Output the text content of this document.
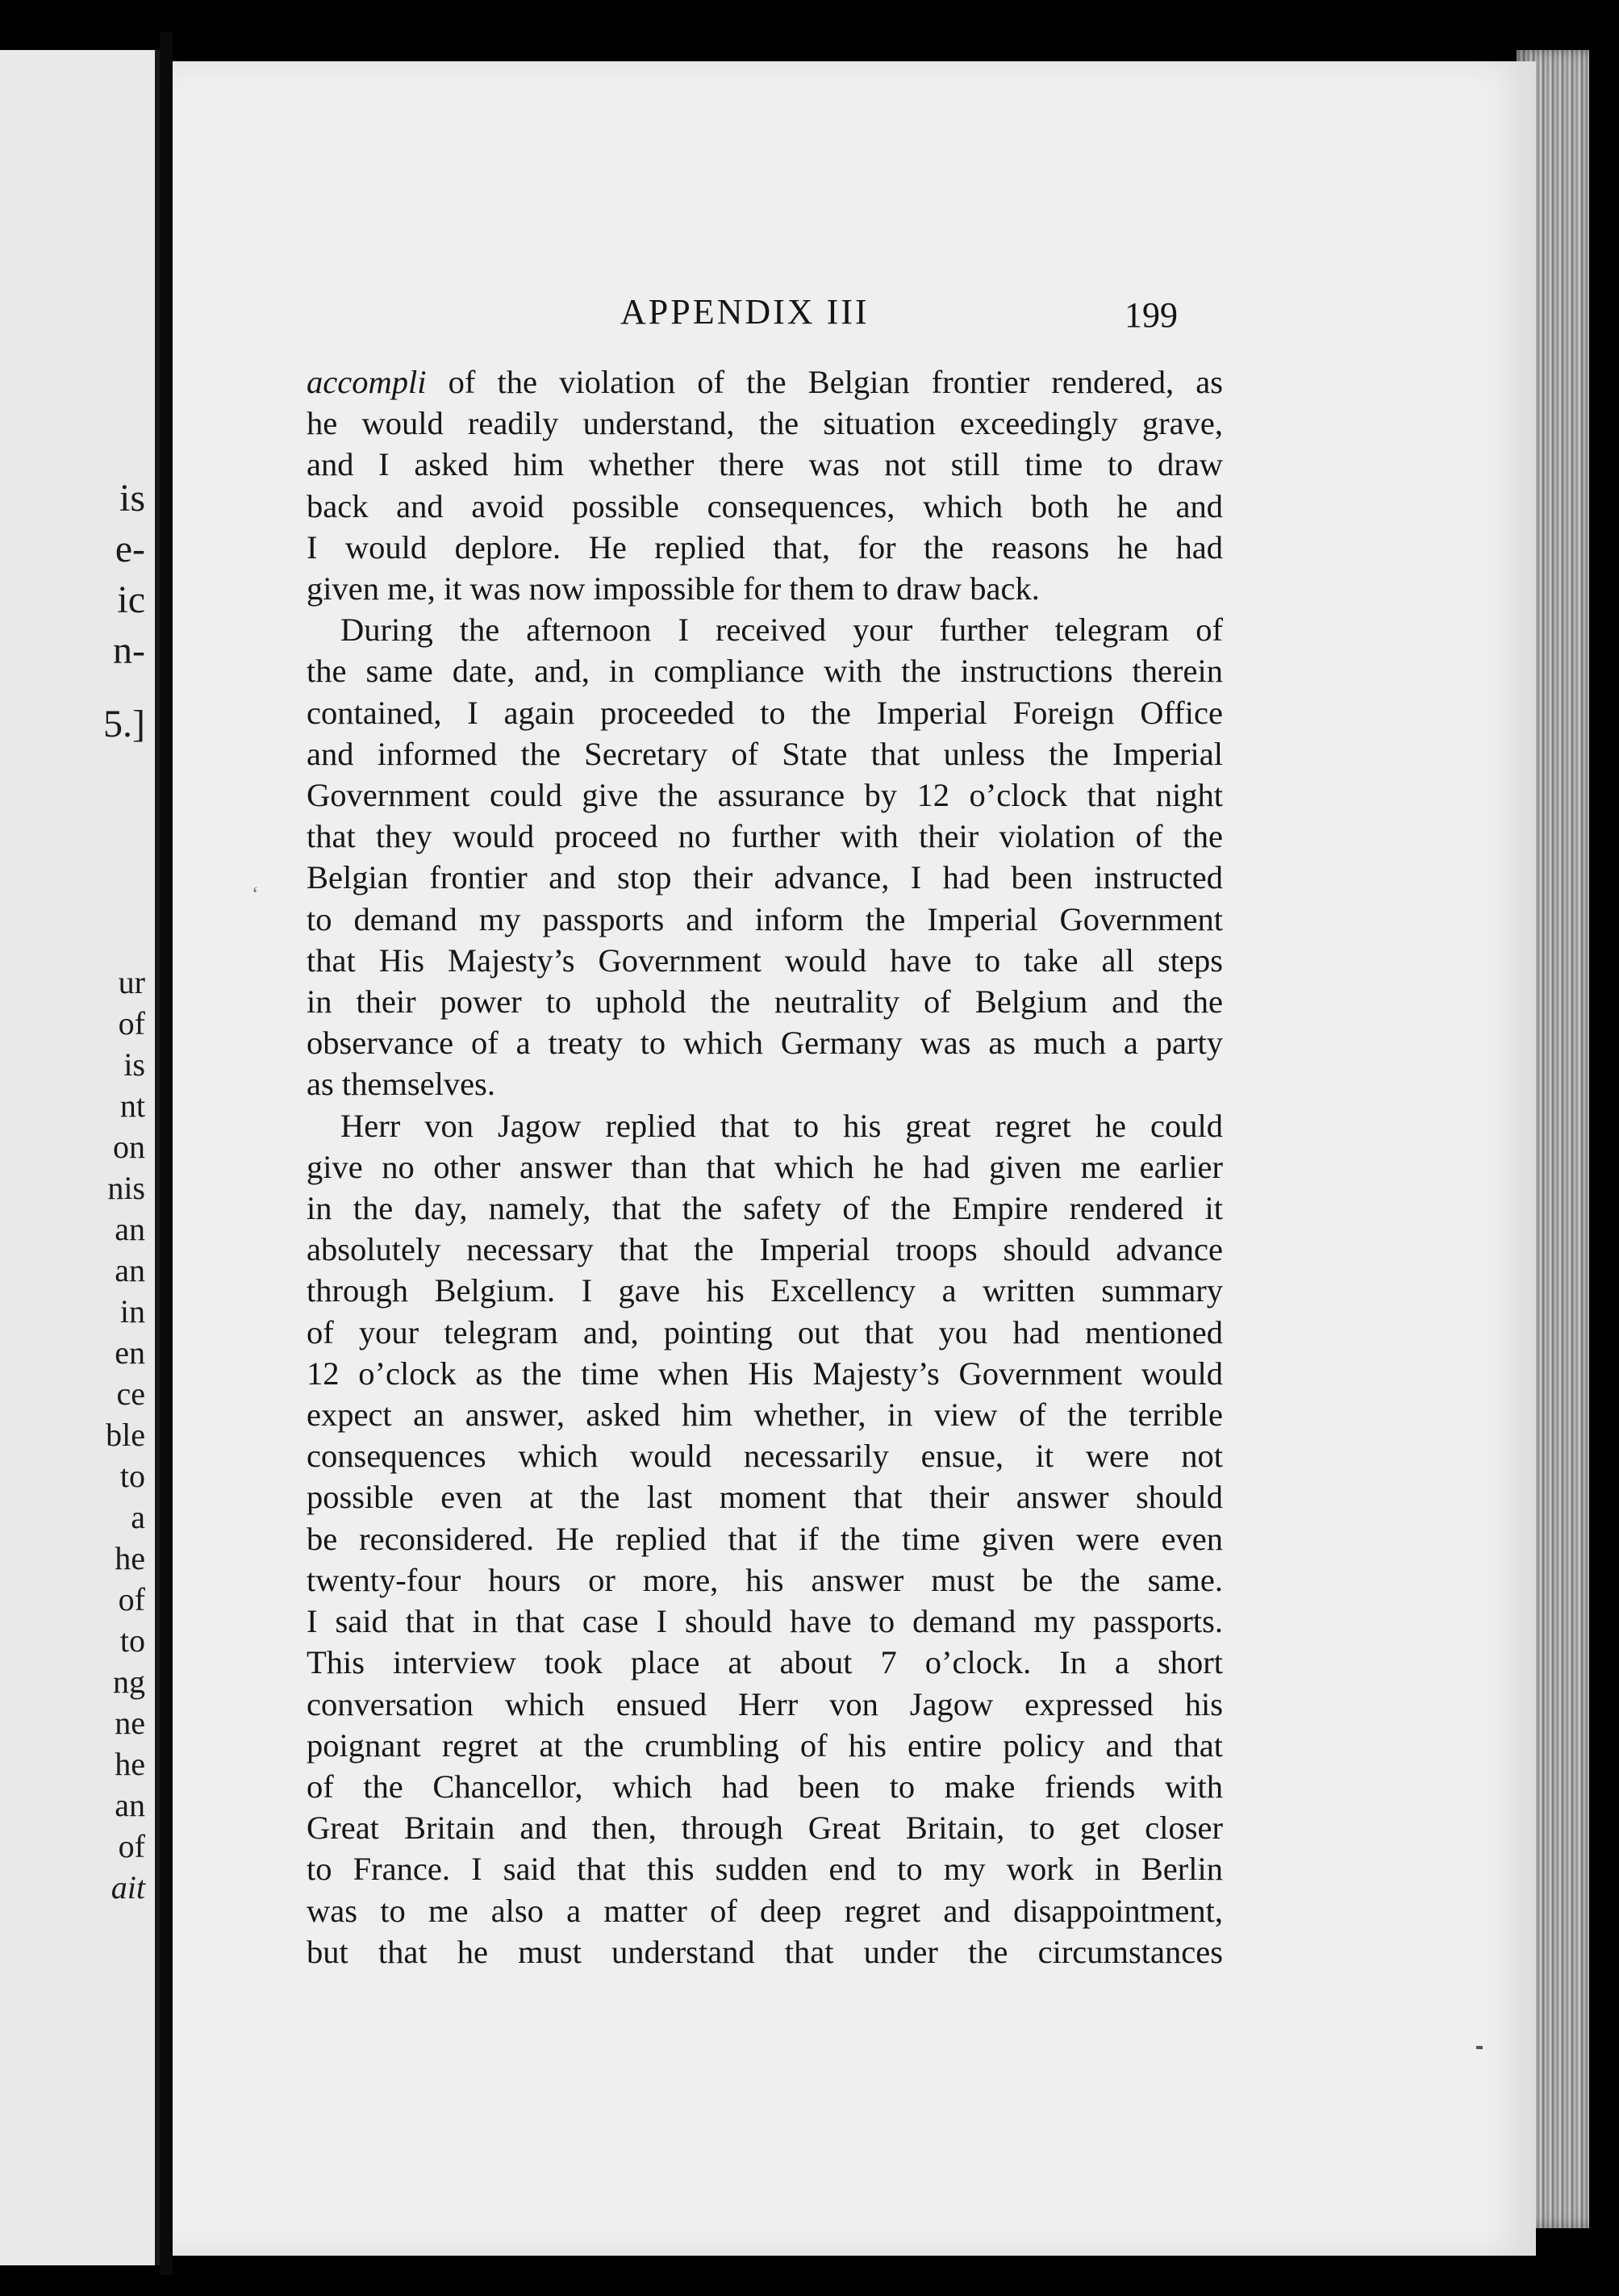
is
e-
ic
n-
5.]
ur
of
is
nt
on
nis
an
an
in
en
ce
ble
to
a
he
of
to
ng
ne
he
an
of
ait
‘
APPENDIX III	199
accompli of the violation of the Belgian frontier rendered, as
he would readily understand, the situation exceedingly grave,
and I asked him whether there was not still time to draw
back and avoid possible consequences, which both he and
I would deplore. He replied that, for the reasons he had
given me, it was now impossible for them to draw back.
During the afternoon I received your further telegram of
the same date, and, in compliance with the instructions therein
contained, I again proceeded to the Imperial Foreign Office
and informed the Secretary of State that unless the Imperial
Government could give the assurance by 12 o’clock that night
that they would proceed no further with their violation of the
Belgian frontier and stop their advance, I had been instructed
to demand my passports and inform the Imperial Government
that His Majesty’s Government would have to take all steps
in their power to uphold the neutrality of Belgium and the
observance of a treaty to which Germany was as much a party
as themselves.
Herr von Jagow replied that to his great regret he could
give no other answer than that which he had given me earlier
in the day, namely, that the safety of the Empire rendered it
absolutely necessary that the Imperial troops should advance
through Belgium. I gave his Excellency a written summary
of your telegram and, pointing out that you had mentioned
12 o’clock as the time when His Majesty’s Government would
expect an answer, asked him whether, in view of the terrible
consequences which would necessarily ensue, it were not
possible even at the last moment that their answer should
be reconsidered. He replied that if the time given were even
twenty-four hours or more, his answer must be the same.
I said that in that case I should have to demand my passports.
This interview took place at about 7 o’clock. In a short
conversation which ensued Herr von Jagow expressed his
poignant regret at the crumbling of his entire policy and that
of the Chancellor, which had been to make friends with
Great Britain and then, through Great Britain, to get closer
to France. I said that this sudden end to my work in Berlin
was to me also a matter of deep regret and disappointment,
but that he must understand that under the circumstances
